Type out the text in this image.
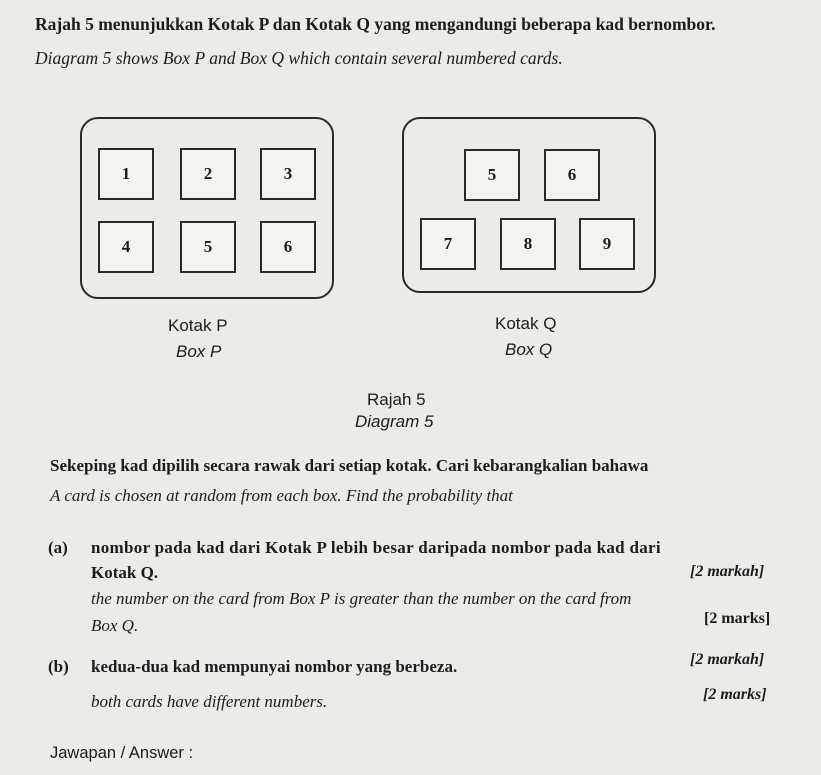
Rajah 5 menunjukkan Kotak P dan Kotak Q yang mengandungi beberapa kad bernombor.
Diagram 5 shows Box P and Box Q which contain several numbered cards.
1	2	3
4	5	6
5	6
7	8	9
Kotak P
Box P
Kotak Q
Box Q
Rajah 5
Diagram 5
Sekeping kad dipilih secara rawak dari setiap kotak. Cari kebarangkalian bahawa
A card is chosen at random from each box. Find the probability that
(a) nombor pada kad dari Kotak P lebih besar daripada nombor pada kad dari
Kotak Q.	[2 markah]
the number on the card from Box P is greater than the number on the card from
Box Q.	[2 marks]
(b) kedua-dua kad mempunyai nombor yang berbeza.	[2 markah]
both cards have different numbers.	[2 marks]
Jawapan / Answer :
